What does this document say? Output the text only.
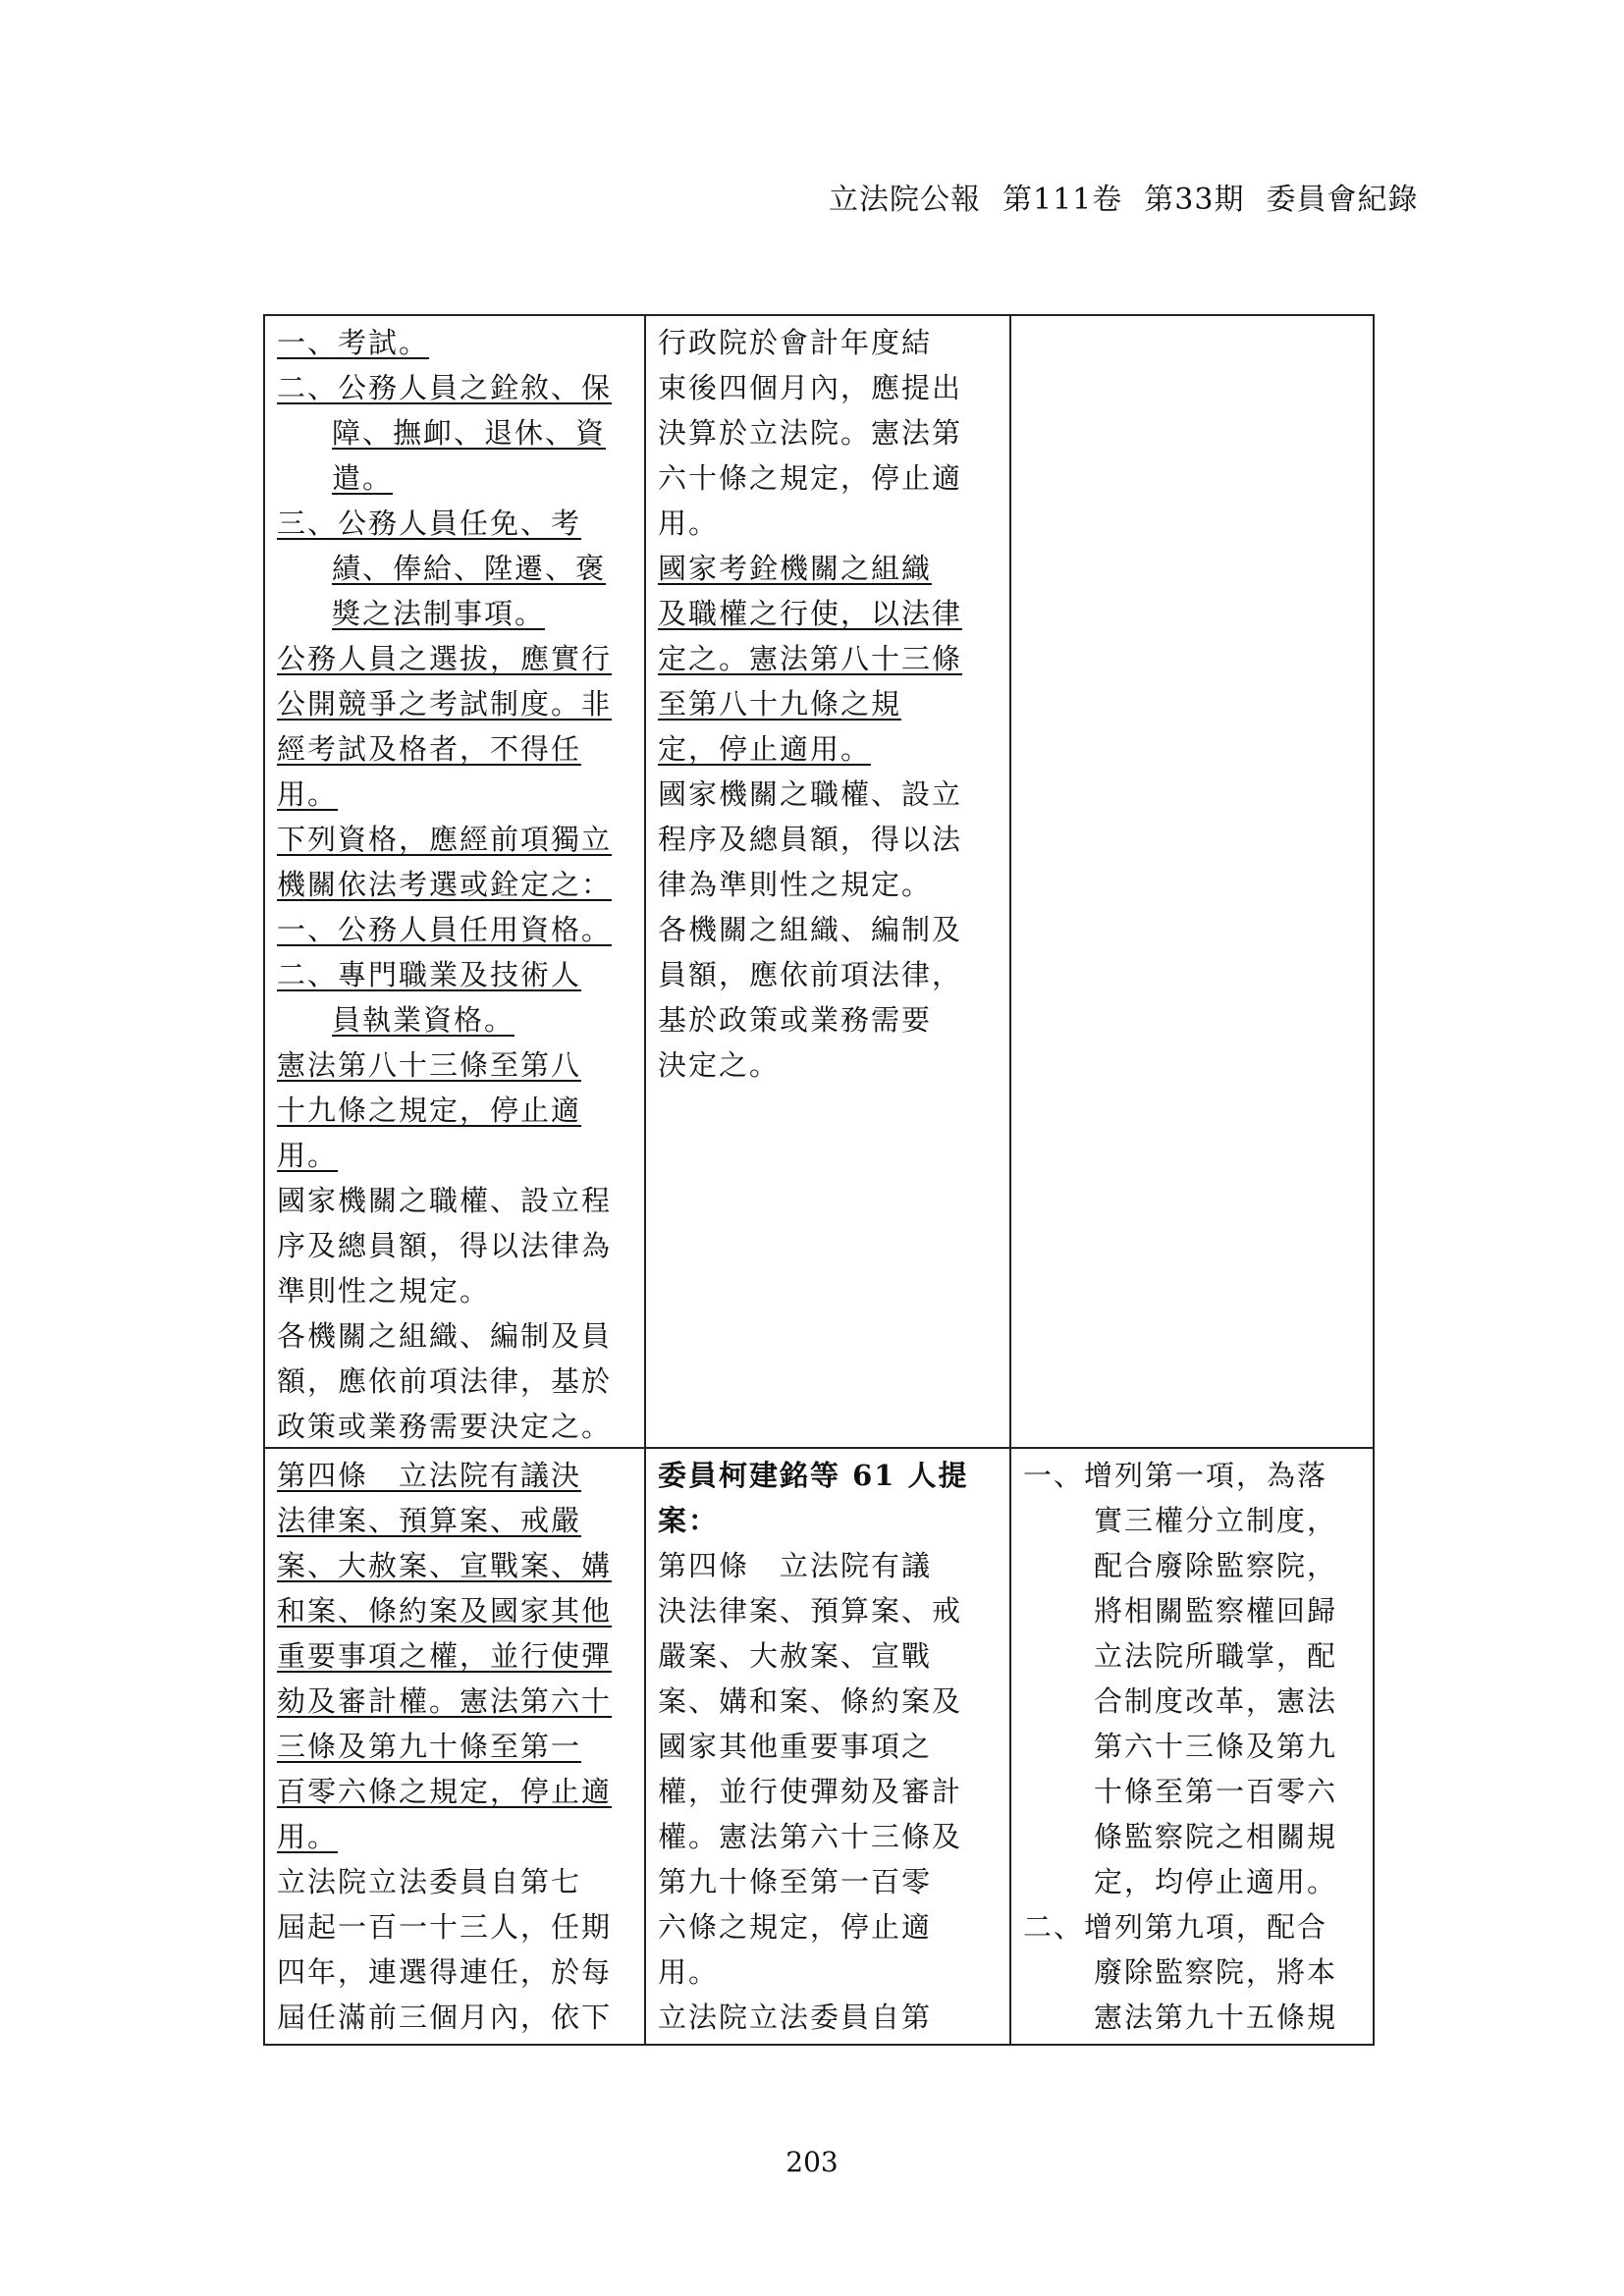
立法院公報 第111卷 第33期 委員會紀錄
一、考試。
二、公務人員之銓敘、保
障、撫卹、退休、資
遣。
三、公務人員任免、考
績、俸給、陞遷、褒
獎之法制事項。
公務人員之選拔，應實行
公開競爭之考試制度。非
經考試及格者，不得任
用。
下列資格，應經前項獨立
機關依法考選或銓定之：
一、公務人員任用資格。
二、專門職業及技術人
員執業資格。
憲法第八十三條至第八
十九條之規定，停止適
用。
國家機關之職權、設立程
序及總員額，得以法律為
準則性之規定。
各機關之組織、編制及員
額，應依前項法律，基於
政策或業務需要決定之。
行政院於會計年度結
束後四個月內，應提出
決算於立法院。憲法第
六十條之規定，停止適
用。
國家考銓機關之組織
及職權之行使，以法律
定之。憲法第八十三條
至第八十九條之規
定，停止適用。
國家機關之職權、設立
程序及總員額，得以法
律為準則性之規定。
各機關之組織、編制及
員額，應依前項法律，
基於政策或業務需要
決定之。
第四條　立法院有議決
法律案、預算案、戒嚴
案、大赦案、宣戰案、媾
和案、條約案及國家其他
重要事項之權，並行使彈
劾及審計權。憲法第六十
三條及第九十條至第一
百零六條之規定，停止適
用。
立法院立法委員自第七
屆起一百一十三人，任期
四年，連選得連任，於每
屆任滿前三個月內，依下
委員柯建銘等 61 人提
案：
第四條　立法院有議
決法律案、預算案、戒
嚴案、大赦案、宣戰
案、媾和案、條約案及
國家其他重要事項之
權，並行使彈劾及審計
權。憲法第六十三條及
第九十條至第一百零
六條之規定，停止適
用。
立法院立法委員自第
一、增列第一項，為落
實三權分立制度，
配合廢除監察院，
將相關監察權回歸
立法院所職掌，配
合制度改革，憲法
第六十三條及第九
十條至第一百零六
條監察院之相關規
定，均停止適用。
二、增列第九項，配合
廢除監察院，將本
憲法第九十五條規
203
